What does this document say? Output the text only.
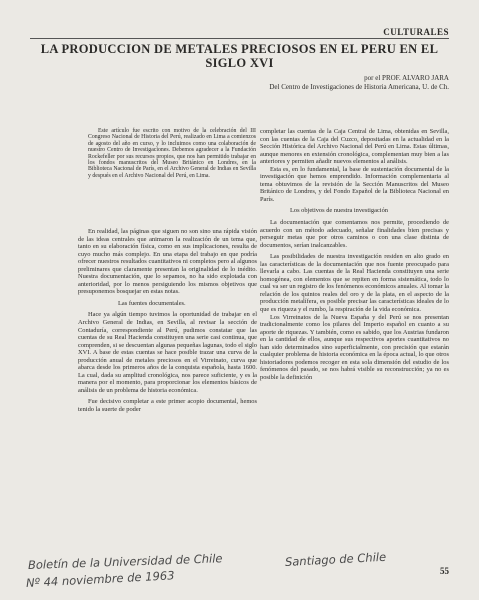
CULTURALES
LA PRODUCCION DE METALES PRECIOSOS EN EL PERU EN EL
SIGLO XVI
por el PROF. ALVARO JARA
Del Centro de Investigaciones de Historia Americana, U. de Ch.

Este artículo fue escrito con motivo de la celebración del III Congreso Nacional de Historia del Perú, realizado en Lima a comienzos de agosto del año en curso, y lo incluimos como una colaboración de nuestro Centro de Investigaciones. Debemos agradecer a la Fundación Rockefeller por sus recursos propios, que nos han permitido trabajar en los fondos manuscritos del Museo Británico en Londres, en la Biblioteca Nacional de París, en el Archivo General de Indias en Sevilla y después en el Archivo Nacional del Perú, en Lima.

En realidad, las páginas que siguen no son sino una rápida visión de las ideas centrales que animaron la realización de un tema que, tanto en su elaboración física, como en sus implicaciones, resulta de cuyo mucho más complejo. En una etapa del trabajo en que podría ofrecer nuestros resultados cuantitativos ni completos pero al algunos preliminares que claramente presentan la originalidad de lo inédito. Nuestra documentación, que lo sepamos, no ha sido explotada con anterioridad, por lo menos persiguiendo los mismos objetivos que presuponemos bosquejar en estas notas.

Las fuentes documentales.

Hace ya algún tiempo tuvimos la oportunidad de trabajar en el Archivo General de Indias, en Sevilla, al revisar la sección de Contaduría, correspondiente al Perú, pudimos constatar que las cuentas de su Real Hacienda constituyen una serie casi continua, que comprenden, si se descuentan algunas pequeñas lagunas, todo el siglo XVI. A base de estas cuentas se hace posible trazar una curva de la producción anual de metales preciosos en el Virreinato, curva que abarca desde los primeros años de la conquista española, hasta 1600. La cual, dada su amplitud cronológica, nos parece suficiente, y es la manera por el momento, para proporcionar los elementos básicos de análisis de un problema de historia económica.

Fue decisivo completar a este primer acopio documental, hemos tenido la suerte de poder

completar las cuentas de la Caja Central de Lima, obtenidas en Sevilla, con las cuentas de la Caja del Cuzco, depositadas en la actualidad en la Sección Histórica del Archivo Nacional del Perú en Lima. Estas últimas, aunque menores en extensión cronológica, complementan muy bien a las anteriores y permiten añadir nuevos elementos al análisis.

Esta es, en lo fundamental, la base de sustentación documental de la investigación que hemos emprendido. Información complementaria al tema obtuvimos de la revisión de la Sección Manuscritos del Museo Británico de Londres, y del Fondo Español de la Biblioteca Nacional en París.

Los objetivos de nuestra investigación

La documentación que comentamos nos permite, procediendo de acuerdo con un método adecuado, señalar finalidades bien precisas y perseguir metas que por otros caminos o con una clase distinta de documentos, serían inalcanzables.

Las posibilidades de nuestra investigación residen en alto grado en las características de la documentación que nos fuente preocupado para llevarla a cabo. Las cuentas de la Real Hacienda constituyen una serie homogénea, con elementos que se repiten en forma sistemática, todo lo cual va ser un registro de los fenómenos económicos anuales. Al tomar la relación de los quintos reales del oro y de la plata, en el aspecto de la producción metalífera, es posible precisar las características ideales de lo que es riqueza y el rumbo, la respiración de la vida económica.

Los Virreinatos de la Nueva España y del Perú se nos presentan tradicionalmente como los pilares del Imperio español en cuanto a su aporte de riquezas. Y también, como es sabido, que los Austrias fundaron en la cantidad de ellos, aunque sus respectivos aportes cuantitativos no han sido determinados sino superficialmente, con precisión que estarán cualquier problema de historia económica en la época actual, lo que otros historiadores podemos recoger en esta sola dimensión del estudio de los fenómenos del pasado, se nos habrá visible su reconstrucción; ya no es posible la definición

Boletín de la Universidad de Chile	Santiago de Chile
Nº 44 noviembre de 1963	55
